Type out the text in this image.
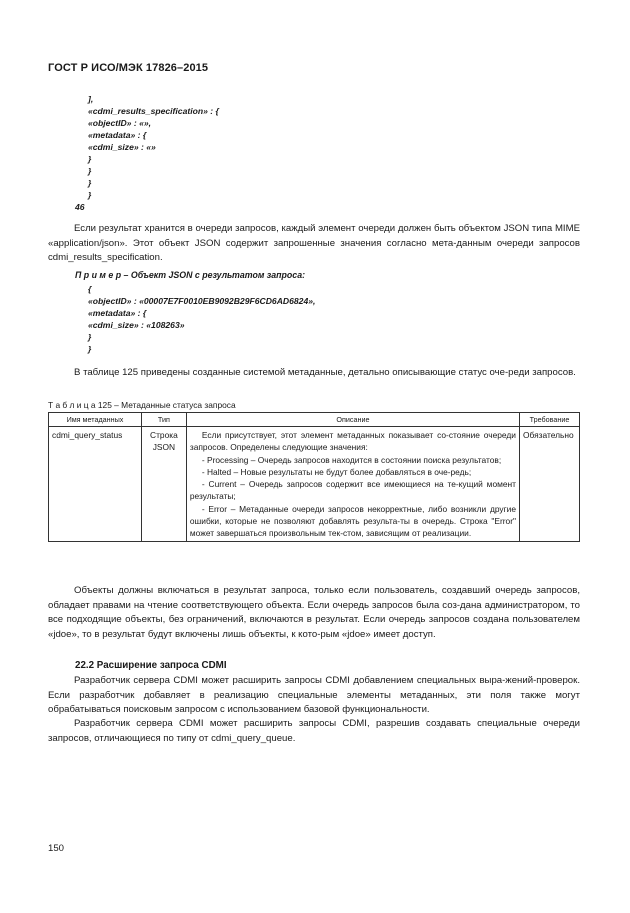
ГОСТ Р ИСО/МЭК 17826–2015
],
«cdmi_results_specification» : {
«objectID» : «»,
«metadata» : {
«cdmi_size» : «»
}
}
}
}
46
Если результат хранится в очереди запросов, каждый элемент очереди должен быть объектом JSON типа MIME «application/json». Этот объект JSON содержит запрошенные значения согласно мета-данным очереди запросов cdmi_results_specification.
П р и м е р – Объект JSON с результатом запроса:
{
«objectID» : «00007E7F0010EB9092B29F6CD6AD6824»,
«metadata» : {
«cdmi_size» : «108263»
}
}
В таблице 125 приведены созданные системой метаданные, детально описывающие статус оче-реди запросов.
Т а б л и ц а 125 – Метаданные статуса запроса
Имя метаданных	Тип	Описание	Требование
cdmi_query_status	Строка JSON	Если присутствует, этот элемент метаданных показывает со-стояние очереди запросов. Определены следующие значения:
- Processing – Очередь запросов находится в состоянии поиска результатов;
- Halted – Новые результаты не будут более добавляться в оче-редь;
- Current – Очередь запросов содержит все имеющиеся на те-кущий момент результаты;
- Error – Метаданные очереди запросов некорректные, либо возникли другие ошибки, которые не позволяют добавлять результа-ты в очередь. Строка "Error" может завершаться произвольным тек-стом, зависящим от реализации.	Обязательно
Объекты должны включаться в результат запроса, только если пользователь, создавший очередь запросов, обладает правами на чтение соответствующего объекта. Если очередь запросов была соз-дана администратором, то все подходящие объекты, без ограничений, включаются в результат. Если очередь запросов создана пользователем «jdoe», то в результат будут включены лишь объекты, к кото-рым «jdoe» имеет доступ.
22.2 Расширение запроса CDMI
Разработчик сервера CDMI может расширить запросы CDMI добавлением специальных выра-жений-проверок. Если разработчик добавляет в реализацию специальные элементы метаданных, эти поля также могут обрабатываться поисковым запросом с использованием базовой функциональности.
Разработчик сервера CDMI может расширить запросы CDMI, разрешив создавать специальные очереди запросов, отличающиеся по типу от cdmi_query_queue.
150
